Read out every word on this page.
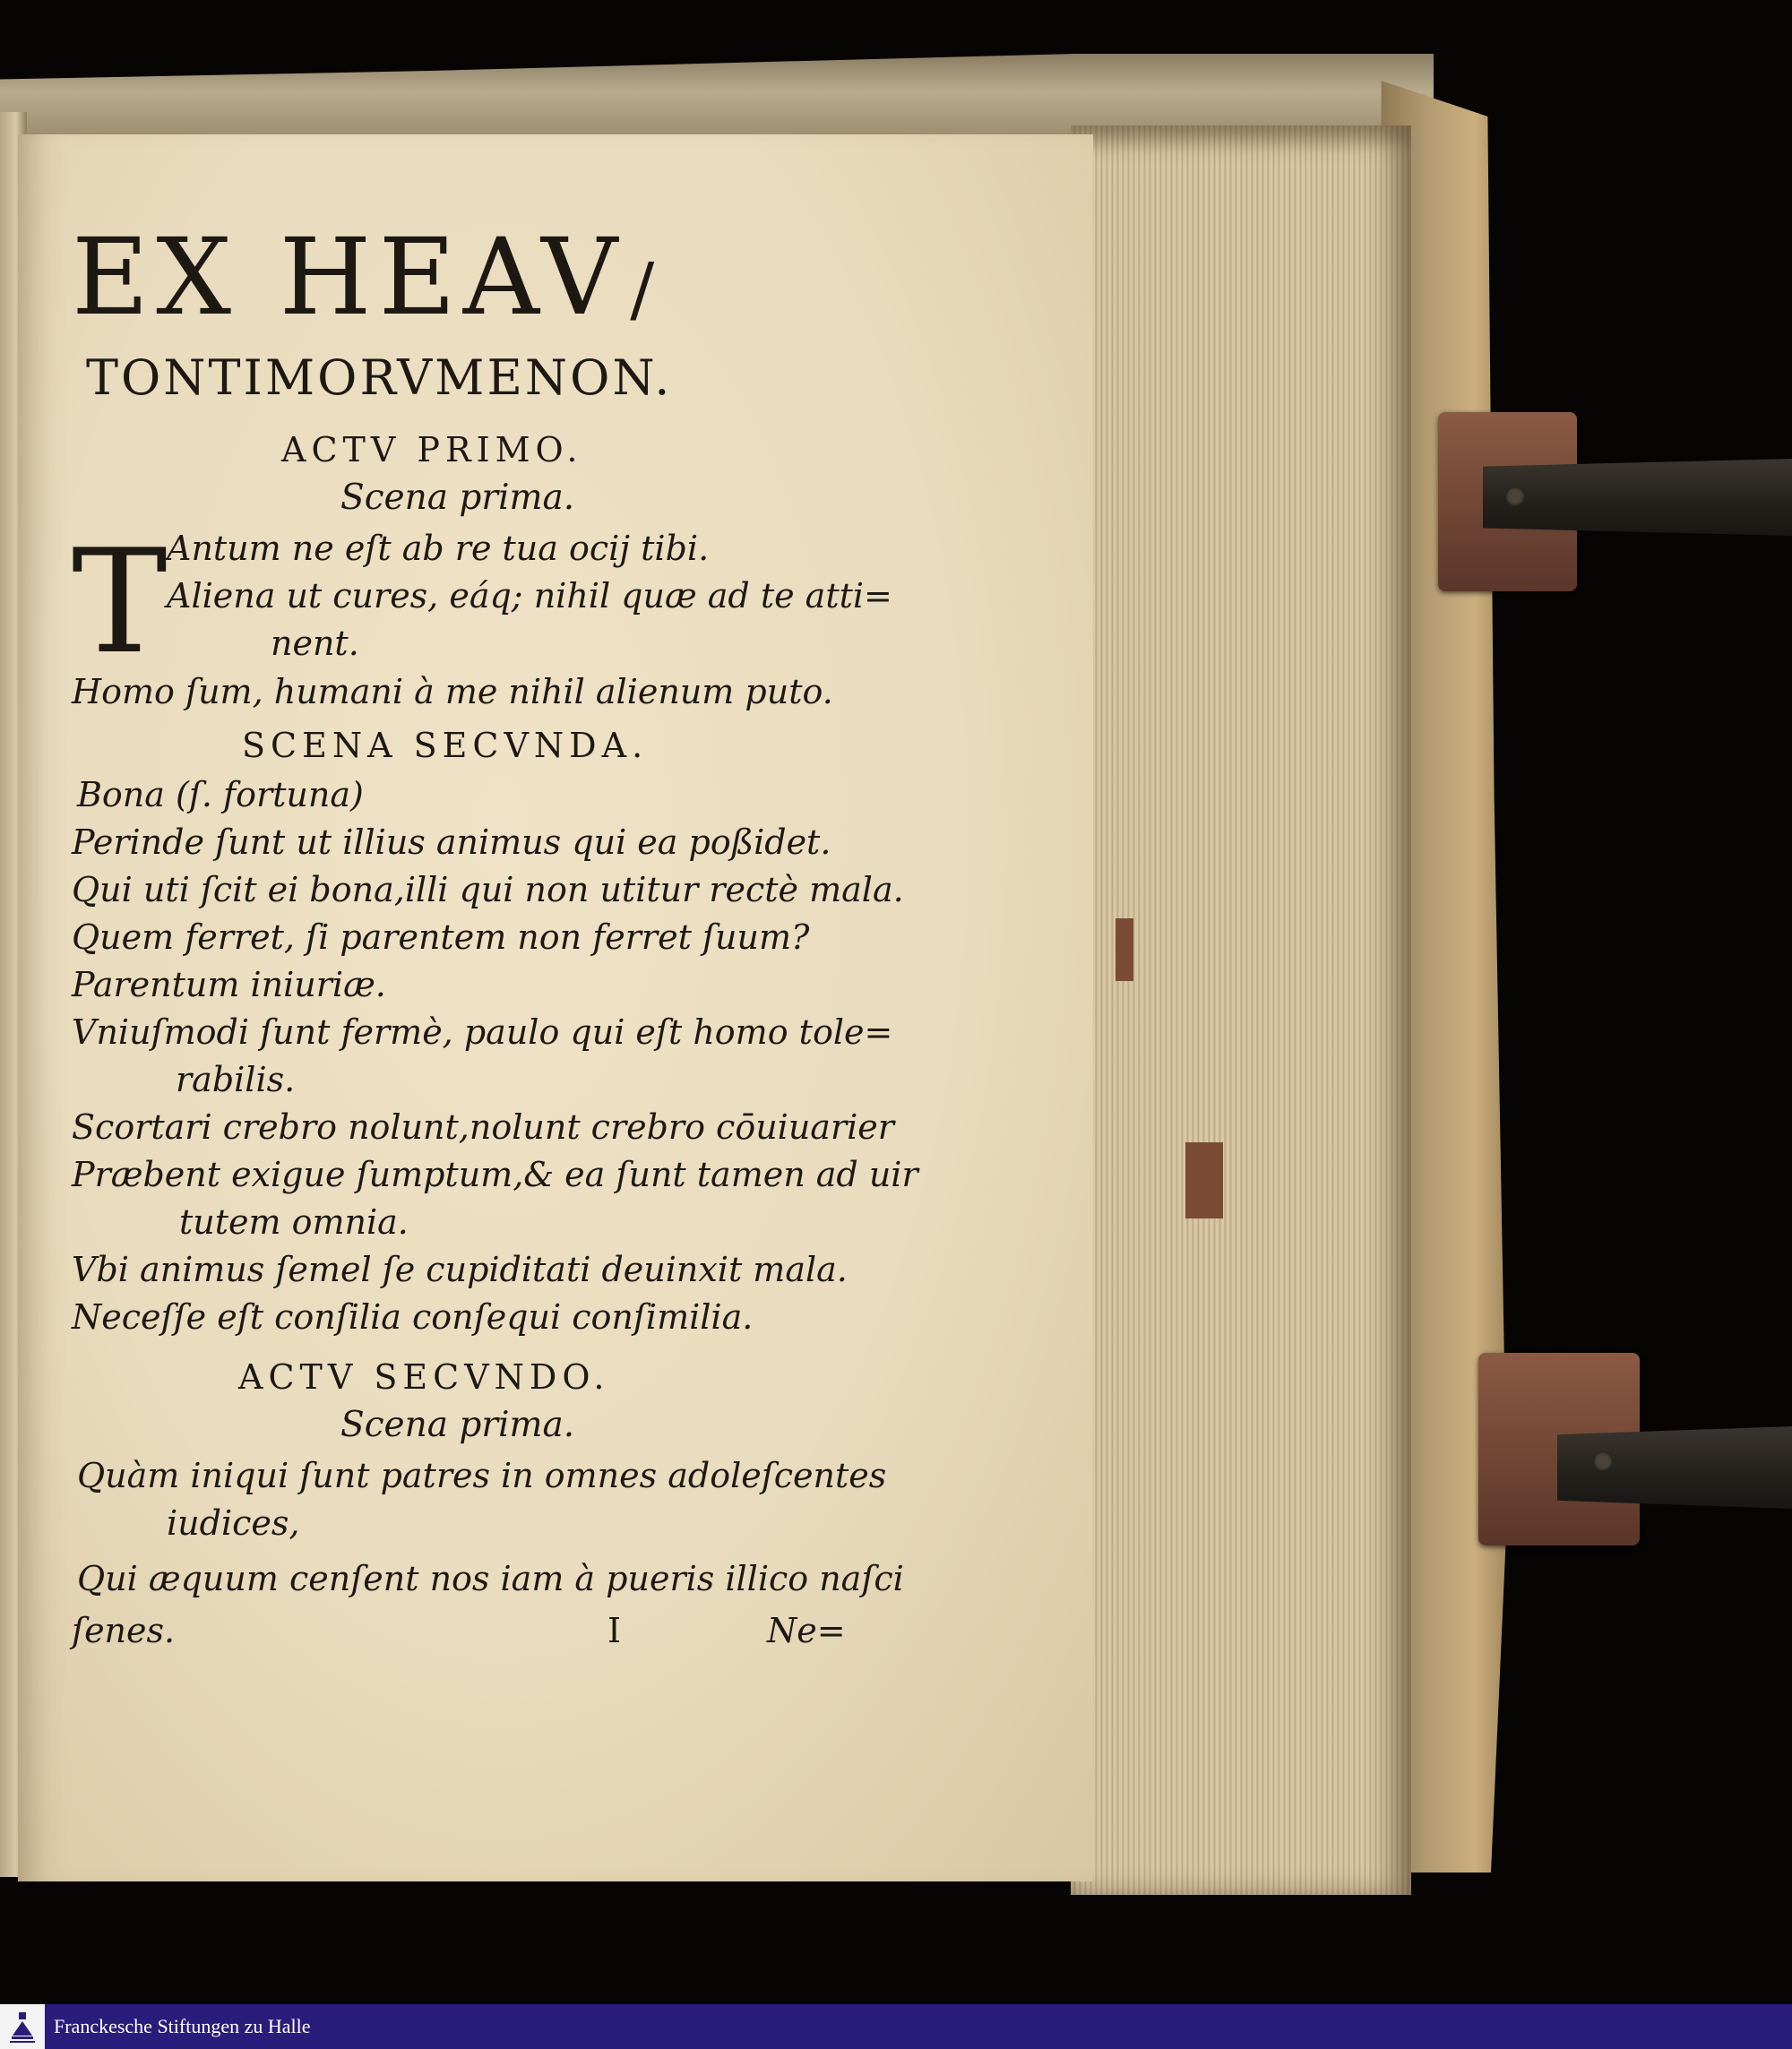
EX HEAV/
TONTIMORVMENON.
ACTV PRIMO.
Scena prima.
T Antum ne eſt ab re tua ocij tibi.
Aliena ut cures, eáq; nihil quæ ad te atti=
nent.
Homo ſum, humani à me nihil alienum puto.
SCENA SECVNDA.
Bona (ſ. fortuna)
Perinde ſunt ut illius animus qui ea poßidet.
Qui uti ſcit ei bona,illi qui non utitur rectè mala.
Quem ferret, ſi parentem non ferret ſuum?
Parentum iniuriæ.
Vniuſmodi ſunt fermè, paulo qui eſt homo tole=
rabilis.
Scortari crebro nolunt,nolunt crebro cōuiuarier
Præbent exigue ſumptum,& ea ſunt tamen ad uir
tutem omnia.
Vbi animus ſemel ſe cupiditati deuinxit mala.
Neceſſe eſt conſilia conſequi conſimilia.
ACTV SECVNDO.
Scena prima.
Quàm iniqui ſunt patres in omnes adoleſcentes
iudices,
Qui æquum cenſent nos iam à pueris illico naſci
ſenes.	I	Ne=
Franckesche Stiftungen zu Halle
